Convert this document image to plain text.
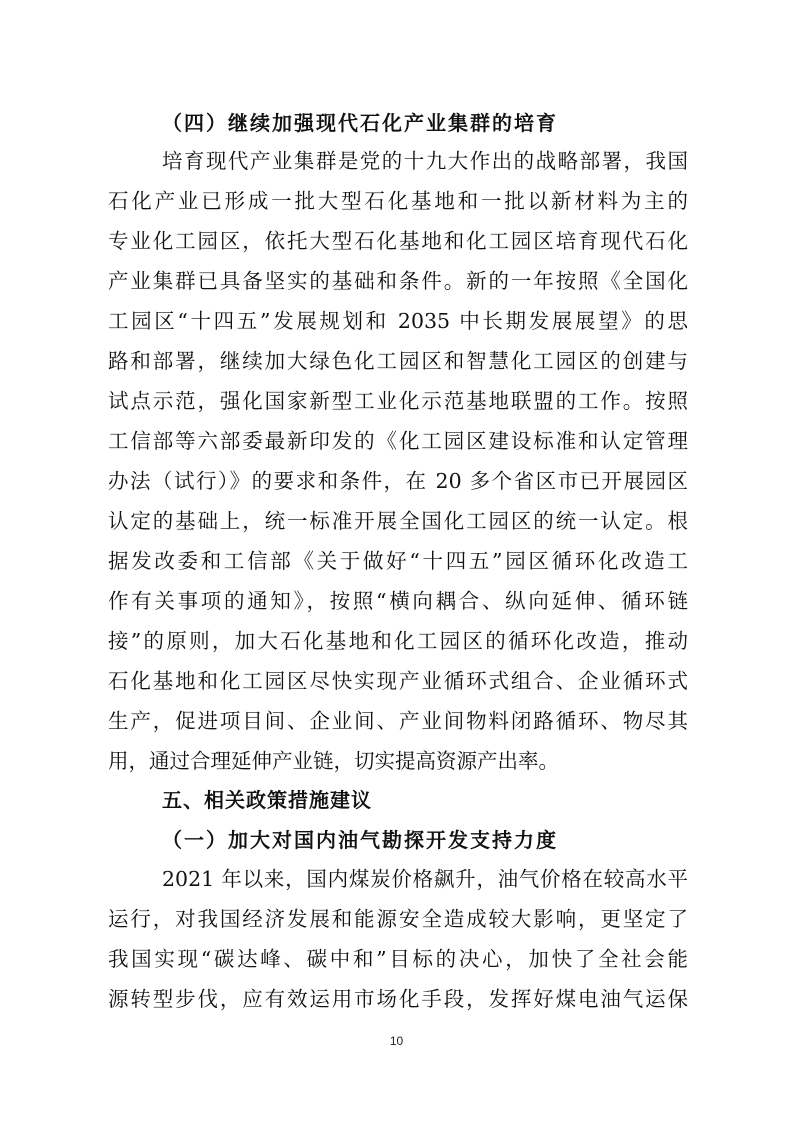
（四）继续加强现代石化产业集群的培育
培育现代产业集群是党的十九大作出的战略部署，我国
石化产业已形成一批大型石化基地和一批以新材料为主的
专业化工园区，依托大型石化基地和化工园区培育现代石化
产业集群已具备坚实的基础和条件。新的一年按照《全国化
工园区“十四五”发展规划和 2035 中长期发展展望》的思
路和部署，继续加大绿色化工园区和智慧化工园区的创建与
试点示范，强化国家新型工业化示范基地联盟的工作。按照
工信部等六部委最新印发的《化工园区建设标准和认定管理
办法（试行）》的要求和条件，在 20 多个省区市已开展园区
认定的基础上，统一标准开展全国化工园区的统一认定。根
据发改委和工信部《关于做好“十四五”园区循环化改造工
作有关事项的通知》，按照“横向耦合、纵向延伸、循环链
接”的原则，加大石化基地和化工园区的循环化改造，推动
石化基地和化工园区尽快实现产业循环式组合、企业循环式
生产，促进项目间、企业间、产业间物料闭路循环、物尽其
用，通过合理延伸产业链，切实提高资源产出率。
五、相关政策措施建议
（一）加大对国内油气勘探开发支持力度
2021 年以来，国内煤炭价格飙升，油气价格在较高水平
运行，对我国经济发展和能源安全造成较大影响，更坚定了
我国实现“碳达峰、碳中和”目标的决心，加快了全社会能
源转型步伐，应有效运用市场化手段，发挥好煤电油气运保
10
